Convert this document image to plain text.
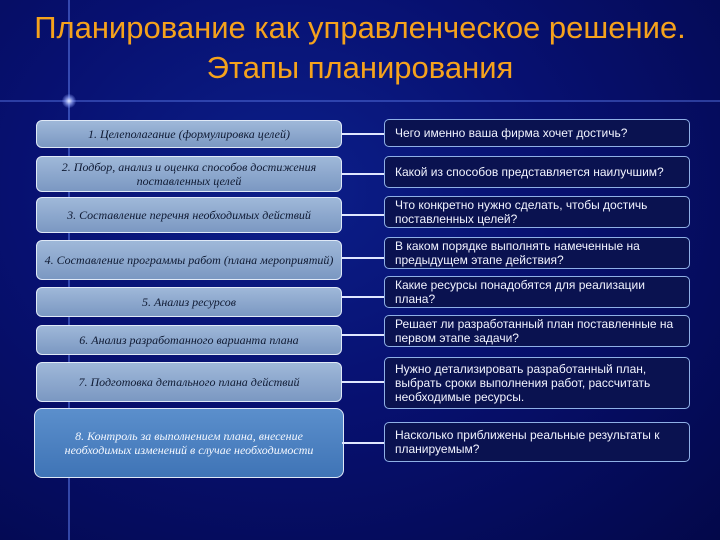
Планирование как управленческое решение.
Этапы планирования
1. Целеполагание (формулировка целей)
2. Подбор, анализ и оценка способов достижения поставленных целей
3. Составление перечня необходимых действий
4. Составление программы работ (плана мероприятий)
5. Анализ ресурсов
6. Анализ разработанного варианта плана
7. Подготовка детального плана действий
8. Контроль за выполнением плана, внесение необходимых изменений в случае необходимости
Чего именно ваша фирма хочет достичь?
Какой из способов представляется наилучшим?
Что конкретно нужно сделать, чтобы достичь поставленных целей?
В каком порядке выполнять намеченные на предыдущем этапе действия?
Какие ресурсы понадобятся для реализации плана?
Решает ли разработанный план поставленные на первом этапе задачи?
Нужно детализировать разработанный план, выбрать сроки выполнения работ, рассчитать необходимые ресурсы.
Насколько приближены реальные результаты к планируемым?
